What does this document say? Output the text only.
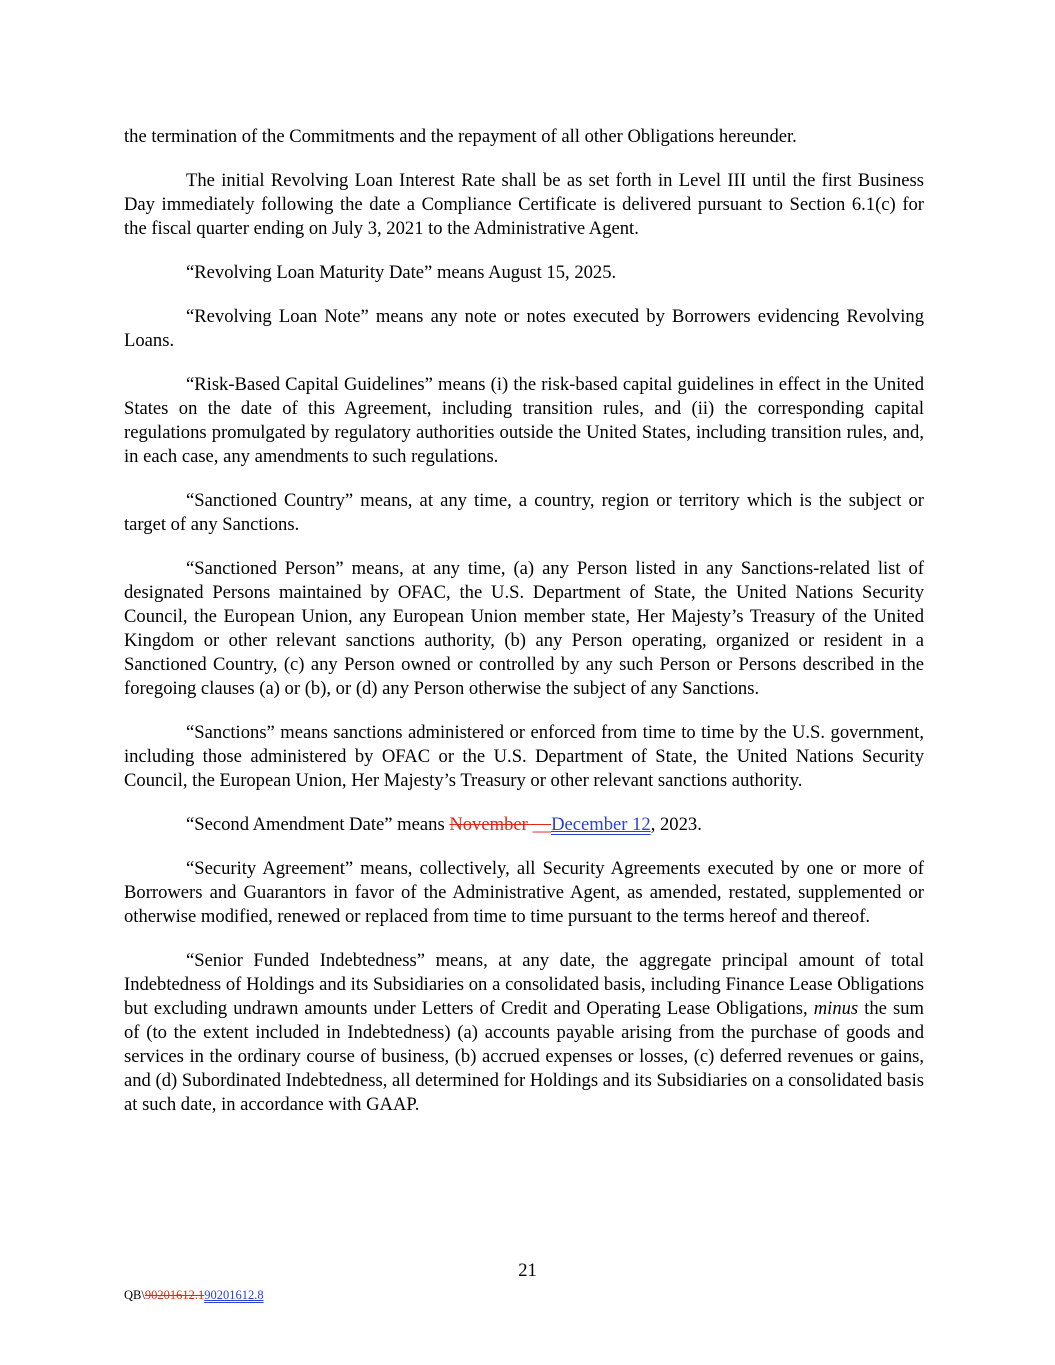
the termination of the Commitments and the repayment of all other Obligations hereunder.

The initial Revolving Loan Interest Rate shall be as set forth in Level III until the first Business Day immediately following the date a Compliance Certificate is delivered pursuant to Section 6.1(c) for the fiscal quarter ending on July 3, 2021 to the Administrative Agent.

“Revolving Loan Maturity Date” means August 15, 2025.

“Revolving Loan Note” means any note or notes executed by Borrowers evidencing Revolving Loans.

“Risk-Based Capital Guidelines” means (i) the risk-based capital guidelines in effect in the United States on the date of this Agreement, including transition rules, and (ii) the corresponding capital regulations promulgated by regulatory authorities outside the United States, including transition rules, and, in each case, any amendments to such regulations.

“Sanctioned Country” means, at any time, a country, region or territory which is the subject or target of any Sanctions.

“Sanctioned Person” means, at any time, (a) any Person listed in any Sanctions-related list of designated Persons maintained by OFAC, the U.S. Department of State, the United Nations Security Council, the European Union, any European Union member state, Her Majesty’s Treasury of the United Kingdom or other relevant sanctions authority, (b) any Person operating, organized or resident in a Sanctioned Country, (c) any Person owned or controlled by any such Person or Persons described in the foregoing clauses (a) or (b), or (d) any Person otherwise the subject of any Sanctions.

“Sanctions” means sanctions administered or enforced from time to time by the U.S. government, including those administered by OFAC or the U.S. Department of State, the United Nations Security Council, the European Union, Her Majesty’s Treasury or other relevant sanctions authority.

“Second Amendment Date” means November __December 12, 2023.

“Security Agreement” means, collectively, all Security Agreements executed by one or more of Borrowers and Guarantors in favor of the Administrative Agent, as amended, restated, supplemented or otherwise modified, renewed or replaced from time to time pursuant to the terms hereof and thereof.

“Senior Funded Indebtedness” means, at any date, the aggregate principal amount of total Indebtedness of Holdings and its Subsidiaries on a consolidated basis, including Finance Lease Obligations but excluding undrawn amounts under Letters of Credit and Operating Lease Obligations, minus the sum of (to the extent included in Indebtedness) (a) accounts payable arising from the purchase of goods and services in the ordinary course of business, (b) accrued expenses or losses, (c) deferred revenues or gains, and (d) Subordinated Indebtedness, all determined for Holdings and its Subsidiaries on a consolidated basis at such date, in accordance with GAAP.

21
QB\90201612.190201612.8
